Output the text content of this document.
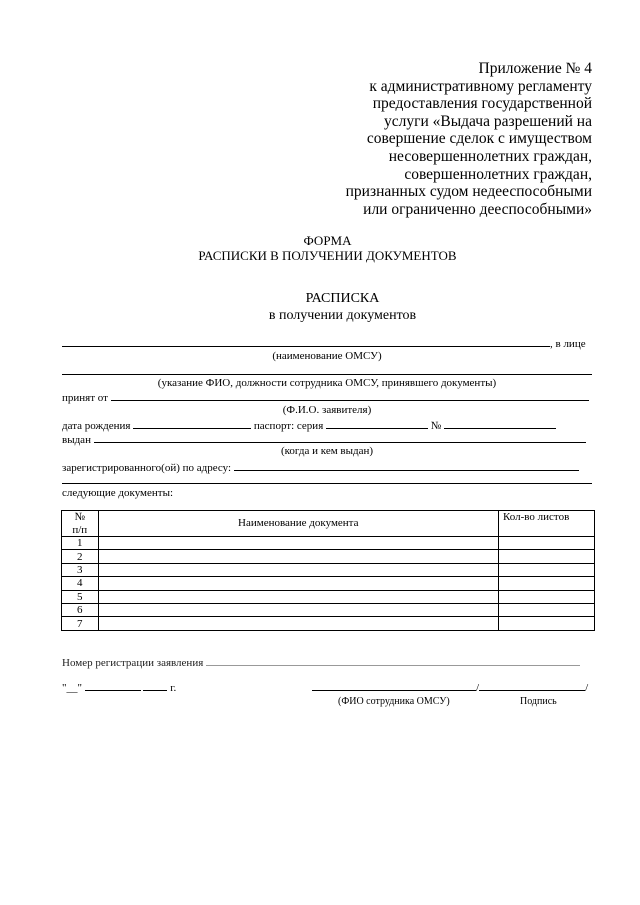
Приложение № 4
к административному регламенту
предоставления государственной
услуги «Выдача разрешений на
совершение сделок с имуществом
несовершеннолетних граждан,
совершеннолетних граждан,
признанных судом недееспособными
или ограниченно дееспособными»
ФОРМА
РАСПИСКИ В ПОЛУЧЕНИИ ДОКУМЕНТОВ
РАСПИСКА
в получении документов
, в лице
(наименование ОМСУ)
(указание ФИО, должности сотрудника ОМСУ, принявшего документы)
принят от
(Ф.И.О. заявителя)
дата рождения	паспорт: серия	№
выдан
(когда и кем выдан)
зарегистрированного(ой) по адресу:
следующие документы:
№
п/п	Наименование документа	Кол-во листов
1		
2		
3		
4		
5		
6		
7		
Номер регистрации заявления
"__"	г.	/	/
(ФИО сотрудника ОМСУ)	Подпись
